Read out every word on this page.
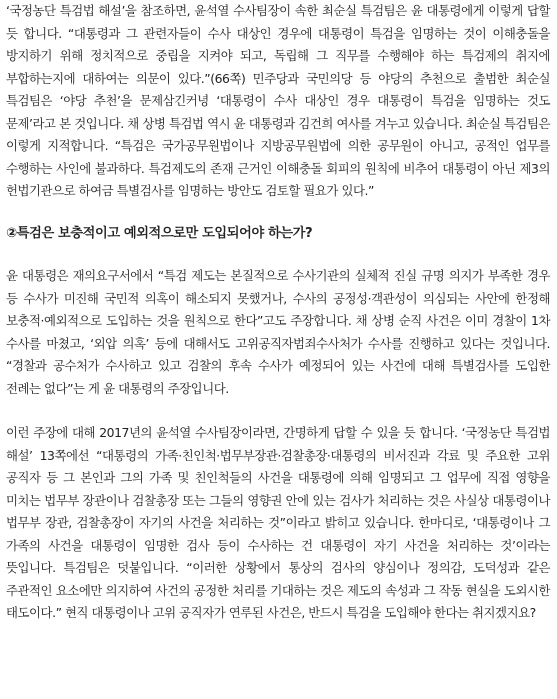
‘국정농단 특검법 해설’을 참조하면, 윤석열 수사팀장이 속한 최순실 특검팀은 윤 대통령에게 이렇게 답할 듯 합니다. “대통령과 그 관련자들이 수사 대상인 경우에 대통령이 특검을 임명하는 것이 이해충돌을 방지하기 위해 정치적으로 중립을 지켜야 되고, 독립해 그 직무를 수행해야 하는 특검제의 취지에 부합하는지에 대하여는 의문이 있다.”(66쪽) 민주당과 국민의당 등 야당의 추천으로 출범한 최순실 특검팀은 ‘야당 추천’을 문제삼긴커녕 ‘대통령이 수사 대상인 경우 대통령이 특검을 임명하는 것도 문제’라고 본 것입니다. 채 상병 특검법 역시 윤 대통령과 김건희 여사를 겨누고 있습니다. 최순실 특검팀은 이렇게 지적합니다. “특검은 국가공무원법이나 지방공무원법에 의한 공무원이 아니고, 공적인 업무를 수행하는 사인에 불과하다. 특검제도의 존재 근거인 이해충돌 회피의 원칙에 비추어 대통령이 아닌 제3의 헌법기관으로 하여금 특별검사를 임명하는 방안도 검토할 필요가 있다.”

②특검은 보충적이고 예외적으로만 도입되어야 하는가?

윤 대통령은 재의요구서에서 “특검 제도는 본질적으로 수사기관의 실체적 진실 규명 의지가 부족한 경우 등 수사가 미진해 국민적 의혹이 해소되지 못했거나, 수사의 공정성·객관성이 의심되는 사안에 한정해 보충적·예외적으로 도입하는 것을 원칙으로 한다”고도 주장합니다. 채 상병 순직 사건은 이미 경찰이 1차 수사를 마쳤고, ‘외압 의혹’ 등에 대해서도 고위공직자범죄수사처가 수사를 진행하고 있다는 것입니다. “경찰과 공수처가 수사하고 있고 검찰의 후속 수사가 예정되어 있는 사건에 대해 특별검사를 도입한 전례는 없다”는 게 윤 대통령의 주장입니다.

이런 주장에 대해 2017년의 윤석열 수사팀장이라면, 간명하게 답할 수 있을 듯 합니다. ‘국정농단 특검법 해설’ 13쪽에선 “대통령의 가족·친인척·법무부장관·검찰총장·대통령의 비서진과 각료 및 주요한 고위 공직자 등 그 본인과 그의 가족 및 친인척들의 사건을 대통령에 의해 임명되고 그 업무에 직접 영향을 미치는 법무부 장관이나 검찰총장 또는 그들의 영향권 안에 있는 검사가 처리하는 것은 사실상 대통령이나 법무부 장관, 검찰총장이 자기의 사건을 처리하는 것”이라고 밝히고 있습니다. 한마디로, ‘대통령이나 그 가족의 사건을 대통령이 임명한 검사 등이 수사하는 건 대통령이 자기 사건을 처리하는 것’이라는 뜻입니다. 특검팀은 덧붙입니다. “이러한 상황에서 통상의 검사의 양심이나 정의감, 도덕성과 같은 주관적인 요소에만 의지하여 사건의 공정한 처리를 기대하는 것은 제도의 속성과 그 작동 현실을 도외시한 태도이다.” 현직 대통령이나 고위 공직자가 연루된 사건은, 반드시 특검을 도입해야 한다는 취지겠지요?
